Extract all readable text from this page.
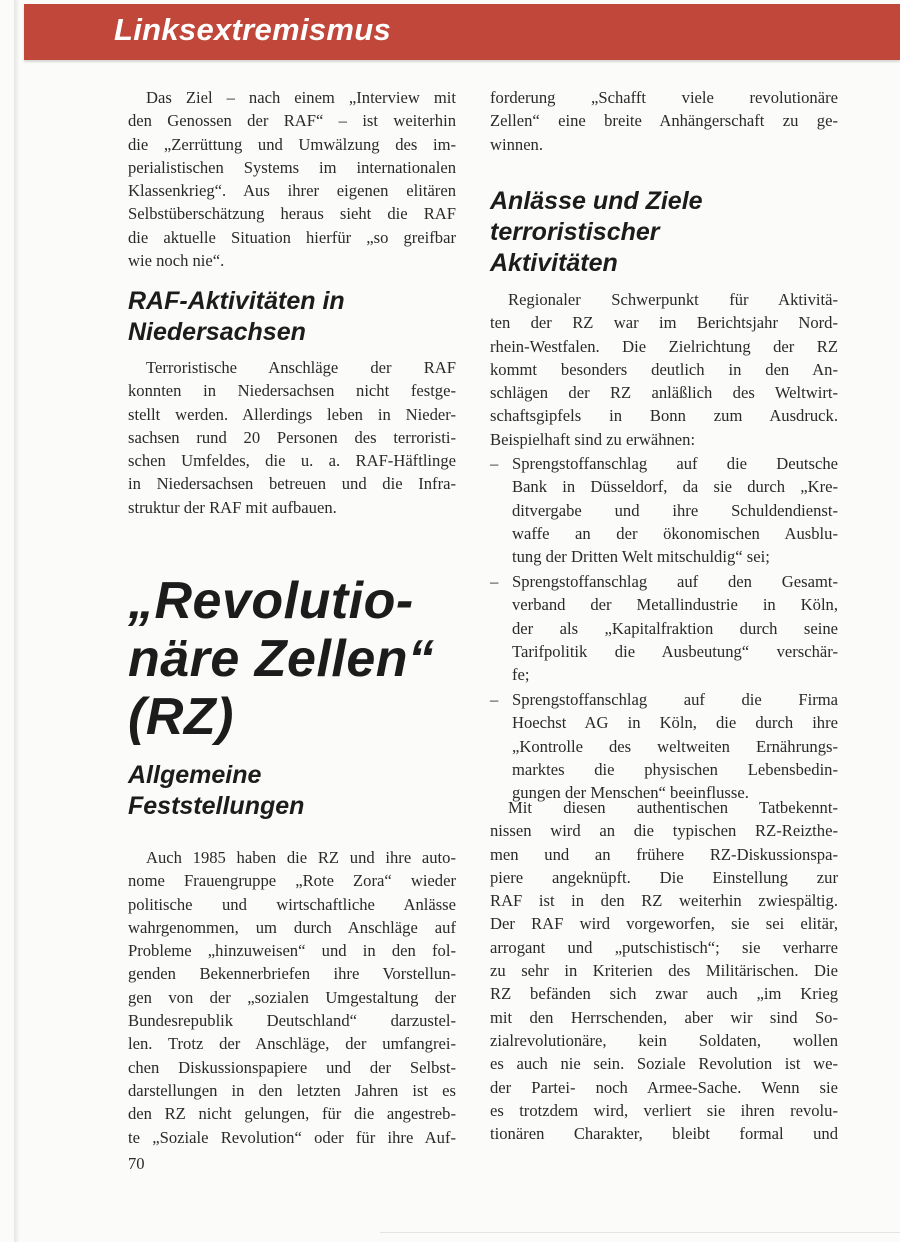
Linksextremismus
Das Ziel – nach einem „Interview mit
den Genossen der RAF“ – ist weiterhin
die „Zerrüttung und Umwälzung des im-
perialistischen Systems im internationalen
Klassenkrieg“. Aus ihrer eigenen elitären
Selbstüberschätzung heraus sieht die RAF
die aktuelle Situation hierfür „so greifbar
wie noch nie“.
RAF-Aktivitäten in
Niedersachsen
Terroristische Anschläge der RAF
konnten in Niedersachsen nicht festge-
stellt werden. Allerdings leben in Nieder-
sachsen rund 20 Personen des terroristi-
schen Umfeldes, die u. a. RAF-Häftlinge
in Niedersachsen betreuen und die Infra-
struktur der RAF mit aufbauen.
„Revolutio-
näre Zellen“
(RZ)
Allgemeine
Feststellungen
Auch 1985 haben die RZ und ihre auto-
nome Frauengruppe „Rote Zora“ wieder
politische und wirtschaftliche Anlässe
wahrgenommen, um durch Anschläge auf
Probleme „hinzuweisen“ und in den fol-
genden Bekennerbriefen ihre Vorstellun-
gen von der „sozialen Umgestaltung der
Bundesrepublik Deutschland“ darzustel-
len. Trotz der Anschläge, der umfangrei-
chen Diskussionspapiere und der Selbst-
darstellungen in den letzten Jahren ist es
den RZ nicht gelungen, für die angestreb-
te „Soziale Revolution“ oder für ihre Auf-
forderung „Schafft viele revolutionäre
Zellen“ eine breite Anhängerschaft zu ge-
winnen.
Anlässe und Ziele
terroristischer
Aktivitäten
Regionaler Schwerpunkt für Aktivitä-
ten der RZ war im Berichtsjahr Nord-
rhein-Westfalen. Die Zielrichtung der RZ
kommt besonders deutlich in den An-
schlägen der RZ anläßlich des Weltwirt-
schaftsgipfels in Bonn zum Ausdruck.
Beispielhaft sind zu erwähnen:
– Sprengstoffanschlag auf die Deutsche
Bank in Düsseldorf, da sie durch „Kre-
ditvergabe und ihre Schuldendienst-
waffe an der ökonomischen Ausblu-
tung der Dritten Welt mitschuldig“ sei;
– Sprengstoffanschlag auf den Gesamt-
verband der Metallindustrie in Köln,
der als „Kapitalfraktion durch seine
Tarifpolitik die Ausbeutung“ verschär-
fe;
– Sprengstoffanschlag auf die Firma
Hoechst AG in Köln, die durch ihre
„Kontrolle des weltweiten Ernährungs-
marktes die physischen Lebensbedin-
gungen der Menschen“ beeinflusse.
Mit diesen authentischen Tatbekennt-
nissen wird an die typischen RZ-Reizthe-
men und an frühere RZ-Diskussionspa-
piere angeknüpft. Die Einstellung zur
RAF ist in den RZ weiterhin zwiespältig.
Der RAF wird vorgeworfen, sie sei elitär,
arrogant und „putschistisch“; sie verharre
zu sehr in Kriterien des Militärischen. Die
RZ befänden sich zwar auch „im Krieg
mit den Herrschenden, aber wir sind So-
zialrevolutionäre, kein Soldaten, wollen
es auch nie sein. Soziale Revolution ist we-
der Partei- noch Armee-Sache. Wenn sie
es trotzdem wird, verliert sie ihren revolu-
tionären Charakter, bleibt formal und
70
